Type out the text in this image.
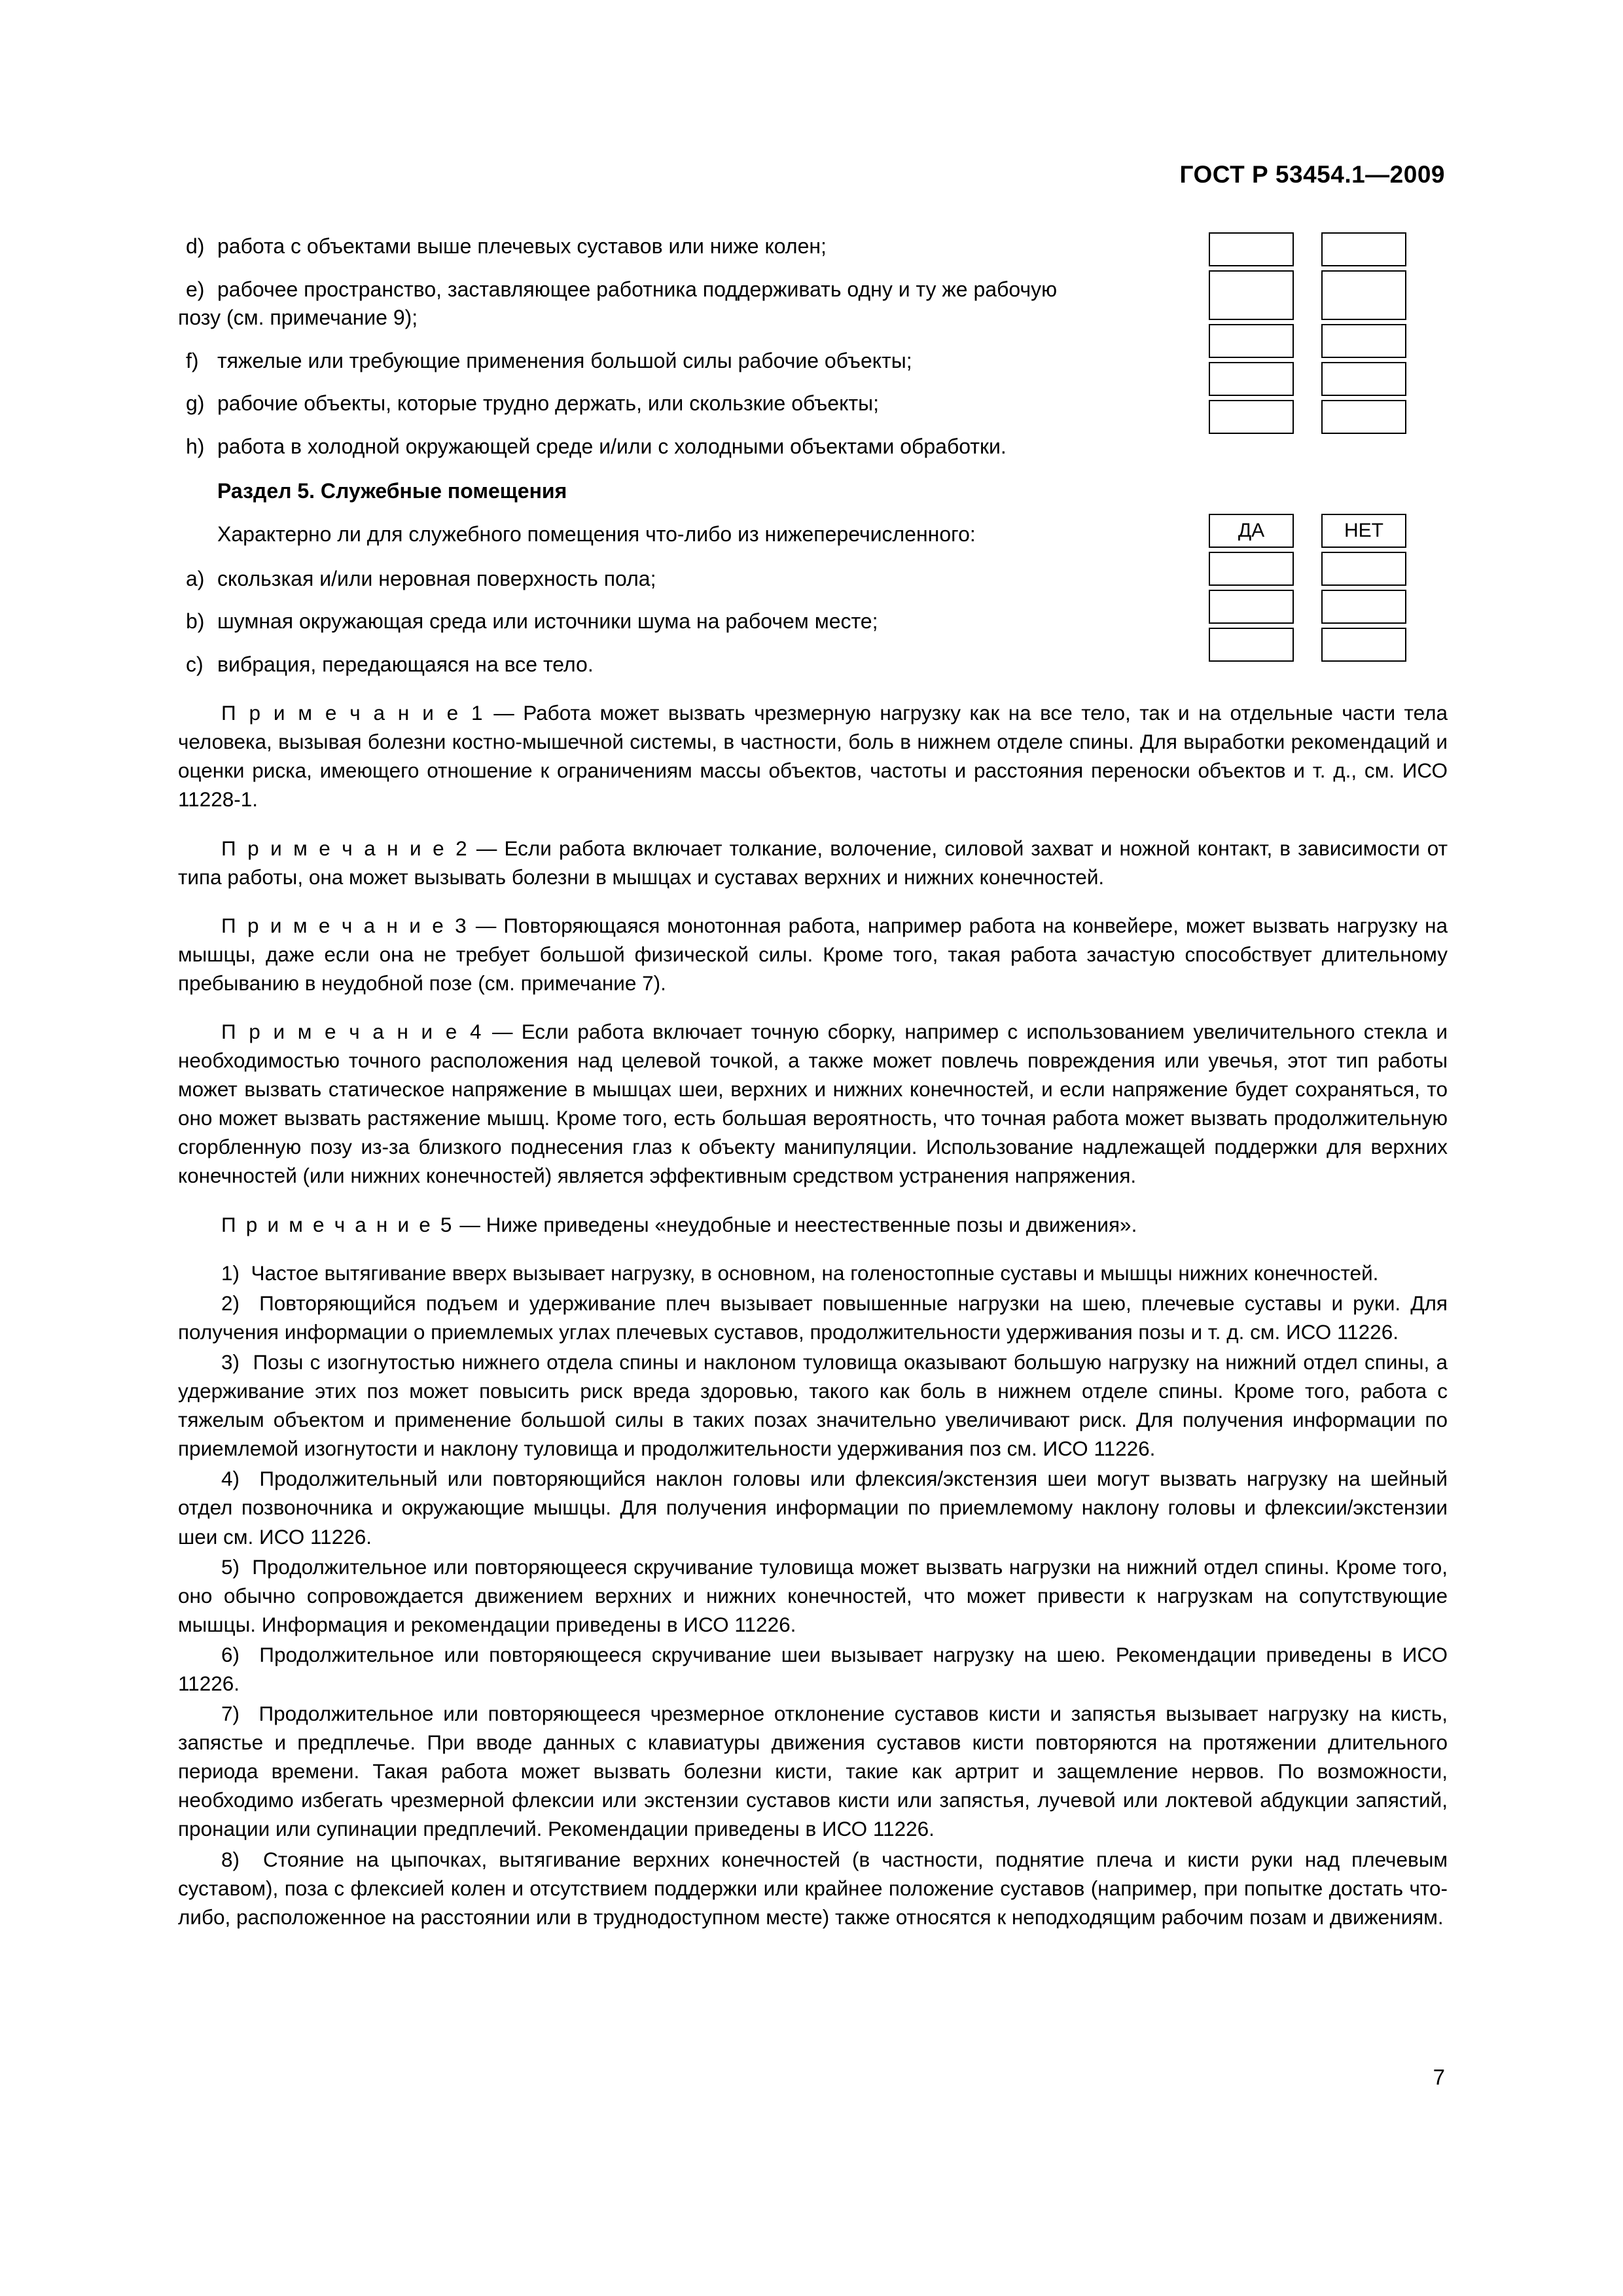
ГОСТ Р 53454.1—2009
d) работа с объектами выше плечевых суставов или ниже колен;
e) рабочее пространство, заставляющее работника поддерживать одну и ту же рабочую
позу (см. примечание 9);
f) тяжелые или требующие применения большой силы рабочие объекты;
g) рабочие объекты, которые трудно держать, или скользкие объекты;
h) работа в холодной окружающей среде и/или с холодными объектами обработки.
Раздел 5. Служебные помещения
Характерно ли для служебного помещения что-либо из нижеперечисленного:
a) скользкая и/или неровная поверхность пола;
b) шумная окружающая среда или источники шума на рабочем месте;
c) вибрация, передающаяся на все тело.
ДА	НЕТ
П р и м е ч а н и е 1 — Работа может вызвать чрезмерную нагрузку как на все тело, так и на отдельные части тела человека, вызывая болезни костно-мышечной системы, в частности, боль в нижнем отделе спины. Для выработки рекомендаций и оценки риска, имеющего отношение к ограничениям массы объектов, частоты и расстояния переноски объектов и т. д., см. ИСО 11228-1.
П р и м е ч а н и е 2 — Если работа включает толкание, волочение, силовой захват и ножной контакт, в зависимости от типа работы, она может вызывать болезни в мышцах и суставах верхних и нижних конечностей.
П р и м е ч а н и е 3 — Повторяющаяся монотонная работа, например работа на конвейере, может вызвать нагрузку на мышцы, даже если она не требует большой физической силы. Кроме того, такая работа зачастую способствует длительному пребыванию в неудобной позе (см. примечание 7).
П р и м е ч а н и е 4 — Если работа включает точную сборку, например с использованием увеличительного стекла и необходимостью точного расположения над целевой точкой, а также может повлечь повреждения или увечья, этот тип работы может вызвать статическое напряжение в мышцах шеи, верхних и нижних конечностей, и если напряжение будет сохраняться, то оно может вызвать растяжение мышц. Кроме того, есть большая вероятность, что точная работа может вызвать продолжительную сгорбленную позу из-за близкого поднесения глаз к объекту манипуляции. Использование надлежащей поддержки для верхних конечностей (или нижних конечностей) является эффективным средством устранения напряжения.
П р и м е ч а н и е 5 — Ниже приведены «неудобные и неестественные позы и движения».
1) Частое вытягивание вверх вызывает нагрузку, в основном, на голеностопные суставы и мышцы нижних конечностей.
2) Повторяющийся подъем и удерживание плеч вызывает повышенные нагрузки на шею, плечевые суставы и руки. Для получения информации о приемлемых углах плечевых суставов, продолжительности удерживания позы и т. д. см. ИСО 11226.
3) Позы с изогнутостью нижнего отдела спины и наклоном туловища оказывают большую нагрузку на нижний отдел спины, а удерживание этих поз может повысить риск вреда здоровью, такого как боль в нижнем отделе спины. Кроме того, работа с тяжелым объектом и применение большой силы в таких позах значительно увеличивают риск. Для получения информации по приемлемой изогнутости и наклону туловища и продолжительности удерживания поз см. ИСО 11226.
4) Продолжительный или повторяющийся наклон головы или флексия/экстензия шеи могут вызвать нагрузку на шейный отдел позвоночника и окружающие мышцы. Для получения информации по приемлемому наклону головы и флексии/экстензии шеи см. ИСО 11226.
5) Продолжительное или повторяющееся скручивание туловища может вызвать нагрузки на нижний отдел спины. Кроме того, оно обычно сопровождается движением верхних и нижних конечностей, что может привести к нагрузкам на сопутствующие мышцы. Информация и рекомендации приведены в ИСО 11226.
6) Продолжительное или повторяющееся скручивание шеи вызывает нагрузку на шею. Рекомендации приведены в ИСО 11226.
7) Продолжительное или повторяющееся чрезмерное отклонение суставов кисти и запястья вызывает нагрузку на кисть, запястье и предплечье. При вводе данных с клавиатуры движения суставов кисти повторяются на протяжении длительного периода времени. Такая работа может вызвать болезни кисти, такие как артрит и защемление нервов. По возможности, необходимо избегать чрезмерной флексии или экстензии суставов кисти или запястья, лучевой или локтевой абдукции запястий, пронации или супинации предплечий. Рекомендации приведены в ИСО 11226.
8) Стояние на цыпочках, вытягивание верхних конечностей (в частности, поднятие плеча и кисти руки над плечевым суставом), поза с флексией колен и отсутствием поддержки или крайнее положение суставов (например, при попытке достать что-либо, расположенное на расстоянии или в труднодоступном месте) также относятся к неподходящим рабочим позам и движениям.
7
